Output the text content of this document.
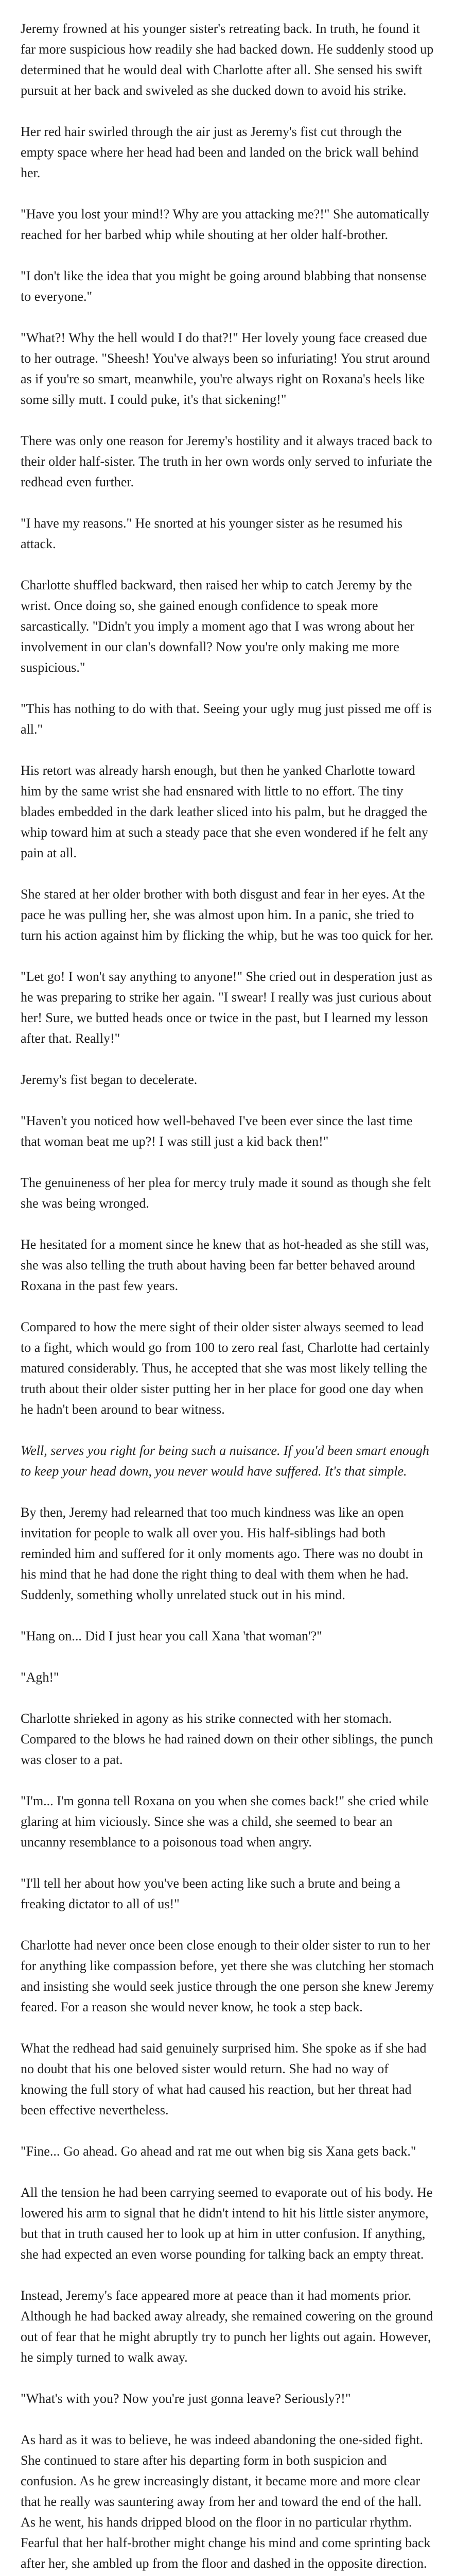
Jeremy frowned at his younger sister's retreating back. In truth, he found it far more suspicious how readily she had backed down. He suddenly stood up determined that he would deal with Charlotte after all. She sensed his swift pursuit at her back and swiveled as she ducked down to avoid his strike.

Her red hair swirled through the air just as Jeremy's fist cut through the empty space where her head had been and landed on the brick wall behind her.

"Have you lost your mind!? Why are you attacking me?!" She automatically reached for her barbed whip while shouting at her older half-brother.

"I don't like the idea that you might be going around blabbing that nonsense to everyone."

"What?! Why the hell would I do that?!" Her lovely young face creased due to her outrage. "Sheesh! You've always been so infuriating! You strut around as if you're so smart, meanwhile, you're always right on Roxana's heels like some silly mutt. I could puke, it's that sickening!"

There was only one reason for Jeremy's hostility and it always traced back to their older half-sister. The truth in her own words only served to infuriate the redhead even further.

"I have my reasons." He snorted at his younger sister as he resumed his attack.

Charlotte shuffled backward, then raised her whip to catch Jeremy by the wrist. Once doing so, she gained enough confidence to speak more sarcastically. "Didn't you imply a moment ago that I was wrong about her involvement in our clan's downfall? Now you're only making me more suspicious."

"This has nothing to do with that. Seeing your ugly mug just pissed me off is all."

His retort was already harsh enough, but then he yanked Charlotte toward him by the same wrist she had ensnared with little to no effort. The tiny blades embedded in the dark leather sliced into his palm, but he dragged the whip toward him at such a steady pace that she even wondered if he felt any pain at all.

She stared at her older brother with both disgust and fear in her eyes. At the pace he was pulling her, she was almost upon him. In a panic, she tried to turn his action against him by flicking the whip, but he was too quick for her.

"Let go! I won't say anything to anyone!" She cried out in desperation just as he was preparing to strike her again. "I swear! I really was just curious about her! Sure, we butted heads once or twice in the past, but I learned my lesson after that. Really!"

Jeremy's fist began to decelerate.

"Haven't you noticed how well-behaved I've been ever since the last time that woman beat me up?! I was still just a kid back then!"

The genuineness of her plea for mercy truly made it sound as though she felt she was being wronged.

He hesitated for a moment since he knew that as hot-headed as she still was, she was also telling the truth about having been far better behaved around Roxana in the past few years.

Compared to how the mere sight of their older sister always seemed to lead to a fight, which would go from 100 to zero real fast, Charlotte had certainly matured considerably. Thus, he accepted that she was most likely telling the truth about their older sister putting her in her place for good one day when he hadn't been around to bear witness.

Well, serves you right for being such a nuisance. If you'd been smart enough to keep your head down, you never would have suffered. It's that simple.

By then, Jeremy had relearned that too much kindness was like an open invitation for people to walk all over you. His half-siblings had both reminded him and suffered for it only moments ago. There was no doubt in his mind that he had done the right thing to deal with them when he had. Suddenly, something wholly unrelated stuck out in his mind.

"Hang on... Did I just hear you call Xana 'that woman'?"

"Agh!"

Charlotte shrieked in agony as his strike connected with her stomach. Compared to the blows he had rained down on their other siblings, the punch was closer to a pat.

"I'm... I'm gonna tell Roxana on you when she comes back!" she cried while glaring at him viciously. Since she was a child, she seemed to bear an uncanny resemblance to a poisonous toad when angry.

"I'll tell her about how you've been acting like such a brute and being a freaking dictator to all of us!"

Charlotte had never once been close enough to their older sister to run to her for anything like compassion before, yet there she was clutching her stomach and insisting she would seek justice through the one person she knew Jeremy feared. For a reason she would never know, he took a step back.

What the redhead had said genuinely surprised him. She spoke as if she had no doubt that his one beloved sister would return. She had no way of knowing the full story of what had caused his reaction, but her threat had been effective nevertheless.

"Fine... Go ahead. Go ahead and rat me out when big sis Xana gets back."

All the tension he had been carrying seemed to evaporate out of his body. He lowered his arm to signal that he didn't intend to hit his little sister anymore, but that in truth caused her to look up at him in utter confusion. If anything, she had expected an even worse pounding for talking back an empty threat.

Instead, Jeremy's face appeared more at peace than it had moments prior. Although he had backed away already, she remained cowering on the ground out of fear that he might abruptly try to punch her lights out again. However, he simply turned to walk away.

"What's with you? Now you're just gonna leave? Seriously?!"

As hard as it was to believe, he was indeed abandoning the one-sided fight. She continued to stare after his departing form in both suspicion and confusion. As he grew increasingly distant, it became more and more clear that he really was sauntering away from her and toward the end of the hall. As he went, his hands dripped blood on the floor in no particular rhythm. Fearful that her half-brother might change his mind and come sprinting back after her, she ambled up from the floor and dashed in the opposite direction.
